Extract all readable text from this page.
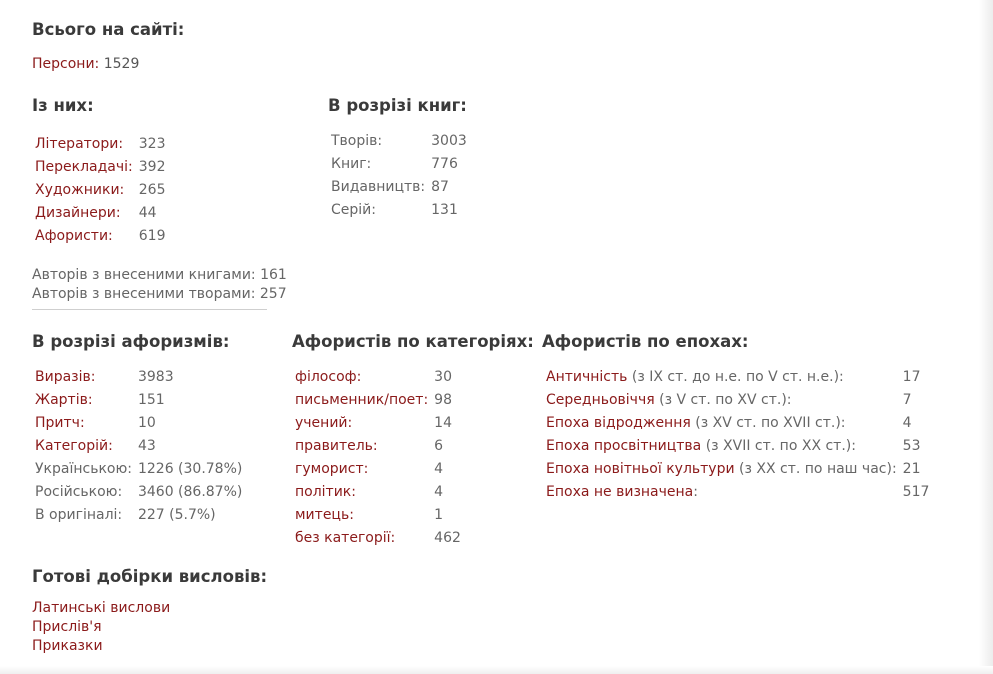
Всього на сайті:
Персони: 1529
Із них:
Літератори:	323
Перекладачі:	392
Художники:	265
Дизайнери:	44
Афористи:	619
Авторів з внесеними книгами: 161
Авторів з внесеними творами: 257
В розрізі книг:
Творів:	3003
Книг:	776
Видавництв:	87
Серій:	131
В розрізі афоризмів:
Виразів:	3983
Жартів:	151
Притч:	10
Категорій:	43
Українською:	1226 (30.78%)
Російською:	3460 (86.87%)
В оригіналі:	227 (5.7%)
Афористів по категоріях:
філософ:	30
письменник/поет:	98
учений:	14
правитель:	6
гуморист:	4
політик:	4
митець:	1
без категорії:	462
Афористів по епохах:
Античність (з IX ст. до н.е. по V ст. н.е.):	17
Середньовіччя (з V ст. по XV ст.):	7
Епоха відродження (з XV ст. по XVII ст.):	4
Епоха просвітництва (з XVII ст. по XX ст.):	53
Епоха новітньої культури (з XX ст. по наш час):	21
Епоха не визначена:	517
Готові добірки висловів:
Латинські вислови
Прислів'я
Приказки
